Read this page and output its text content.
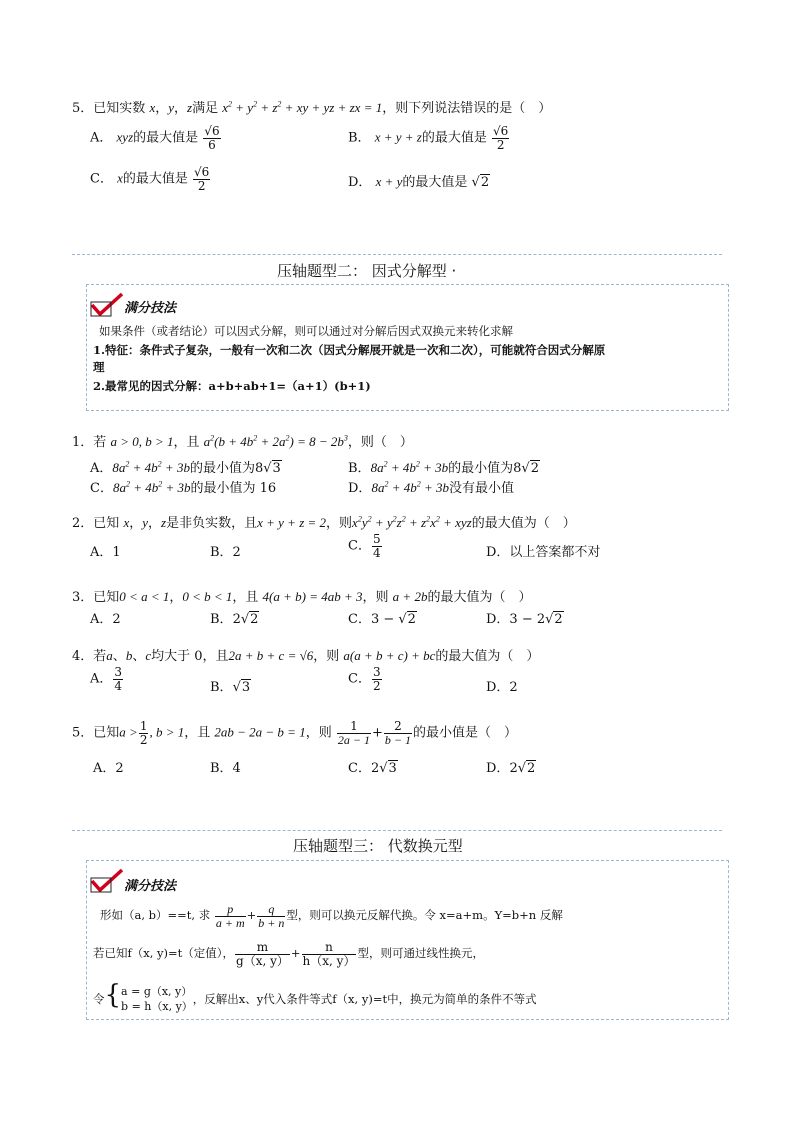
5．已知实数 x，y，z满足 $x^2 + y^2 + z^2$ + xy + yz + zx = 1，则下列说法错误的是（　）
A． xyz的最大值是 $\frac{√6}{6}$	B． x + y + z的最大值是 $\frac{√6}{2}$
C． x的最大值是 $\frac{√6}{2}$	D． x + y的最大值是 √2
压轴题型二： 因式分解型 ·
满分技法
如果条件（或者结论）可以因式分解，则可以通过对分解后因式双换元来转化求解
1.特征：条件式子复杂，一般有一次和二次（因式分解展开就是一次和二次），可能就符合因式分解原
理
2.最常见的因式分解：a+b+ab+1=（a+1）(b+1)
1．若 a > 0, b > 1，且 $a^2(b + 4b^2 + 2a^2) = 8 - 2b^3$，则（　）
A．$8a^2 + 4b^2 + 3b$的最小值为8√3	B．$8a^2 + 4b^2 + 3b$的最小值为8√2
C．$8a^2 + 4b^2 + 3b$的最小值为 16	D．$8a^2 + 4b^2 + 3b$没有最小值
2．已知 x，y，z是非负实数，且x + y + z = 2，则$x^2y^2 + y^2z^2 + z^2x^2$ + xyz的最大值为（　）
A．1	B．2	C． $\frac{5}{4}$	D．以上答案都不对
3．已知0 < a < 1，0 < b < 1，且 4(a + b) = 4ab + 3，则 a + 2b的最大值为（　）
A．2	B．2√2	C．3 − √2	D．3 − 2√2
4．若a、b、c均大于 0，且2a + b + c = √6，则 a(a + b + c) + bc的最大值为（　）
A． $\frac{3}{4}$	B．√3
C． $\frac{3}{2}$	D．2
5．已知$a > \frac{1}{2}$ , b > 1，且 2ab − 2a − b = 1，则 $\frac{1}{2a - 1} + \frac{2}{b - 1}$ 的最小值是（　）
A．2	B．4	C．2√3	D．2√2
压轴题型三： 代数换元型
满分技法
形如（a, b）==t, 求 $\frac{p}{a + m} + \frac{q}{b + n}$ 型，则可以换元反解代换。令 x=a+m。Y=b+n 反解
若已知f（x, y)=t（定值）， $\frac{m}{g(x, y)} + \frac{n}{h(x, y)}$ 型，则可通过线性换元，
令{ a = g（x, y）
b = h（x, y）
，反解出x、y代入条件等式f（x, y)=t中，换元为简单的条件不等式
